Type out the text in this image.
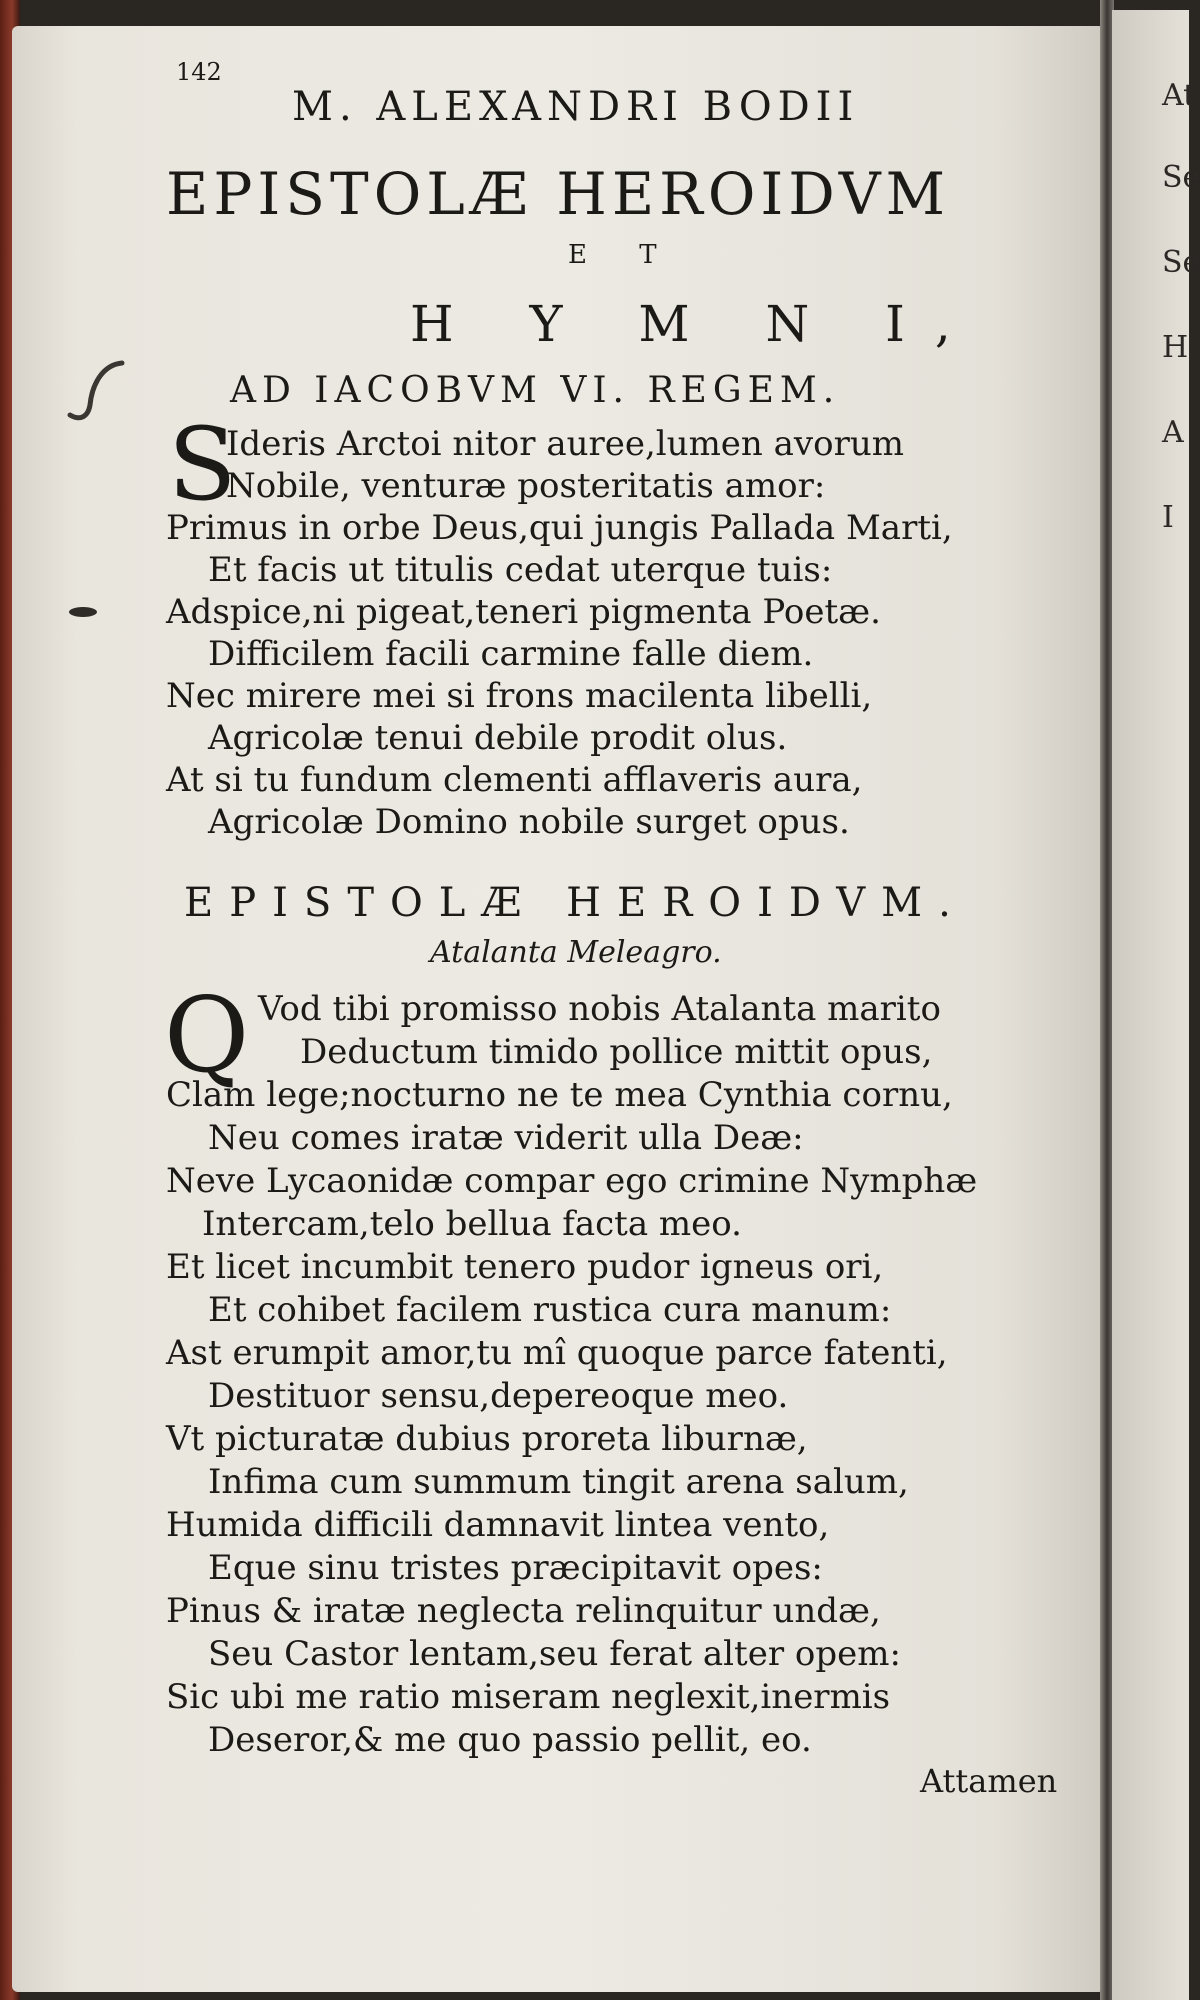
At
Se
Se
H
A
I
142
M. ALEXANDRI BODII
EPISTOLÆ HEROIDVM
E T
H Y M N I,
AD IACOBVM VI. REGEM.
S
Ideris Arctoi nitor auree,lumen avorum
Nobile, venturæ posteritatis amor:
Primus in orbe Deus,qui jungis Pallada Marti,
Et facis ut titulis cedat uterque tuis:
Adspice,ni pigeat,teneri pigmenta Poetæ.
Difficilem facili carmine falle diem.
Nec mirere mei si frons macilenta libelli,
Agricolæ tenui debile prodit olus.
At si tu fundum clementi afflaveris aura,
Agricolæ Domino nobile surget opus.
EPISTOLÆ HEROIDVM.
Atalanta Meleagro.
Q Vod tibi promisso nobis Atalanta marito
Deductum timido pollice mittit opus,
Clam lege;nocturno ne te mea Cynthia cornu,
Neu comes iratæ viderit ulla Deæ:
Neve Lycaonidæ compar ego crimine Nymphæ
Intercam,telo bellua facta meo.
Et licet incumbit tenero pudor igneus ori,
Et cohibet facilem rustica cura manum:
Ast erumpit amor,tu mî quoque parce fatenti,
Destituor sensu,depereoque meo.
Vt picturatæ dubius proreta liburnæ,
Infima cum summum tingit arena salum,
Humida difficili damnavit lintea vento,
Eque sinu tristes præcipitavit opes:
Pinus & iratæ neglecta relinquitur undæ,
Seu Castor lentam,seu ferat alter opem:
Sic ubi me ratio miseram neglexit,inermis
Deseror,& me quo passio pellit, eo.
Attamen
